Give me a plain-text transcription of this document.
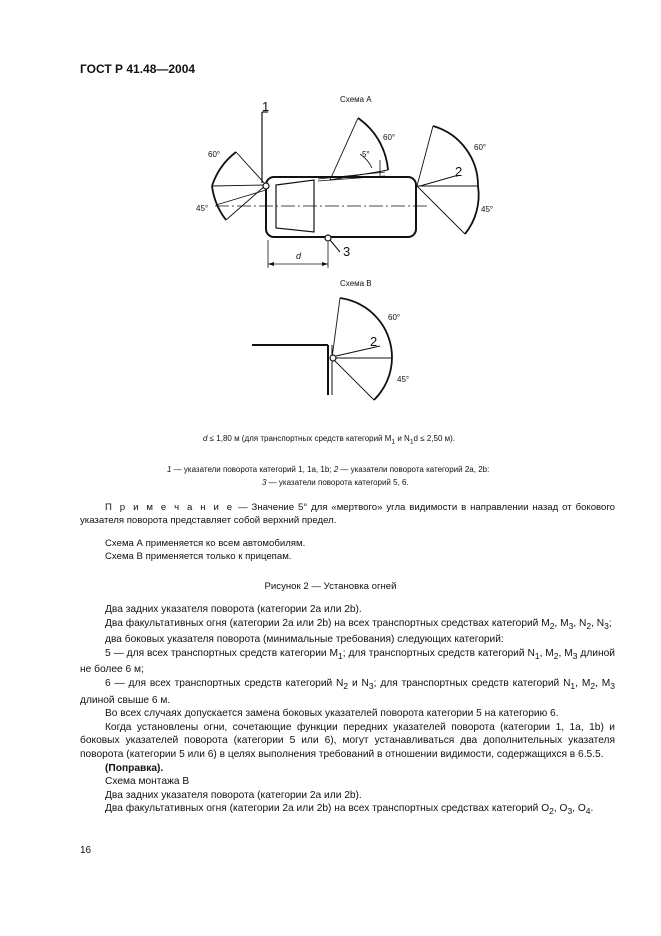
ГОСТ Р 41.48—2004
Схема А
1
60°
45°
60°
5°
60°
2
45°
3
d
Схема В
60°
2
45°
d ≤ 1,80 м (для транспортных средств категорий $М_1$ и $N_1d \le 2,50$ м).
1 — указатели поворота категорий 1, 1а, 1b; 2 — указатели поворота категорий 2а, 2b:
3 — указатели поворота категорий 5, 6.

П р и м е ч а н и е — Значение 5° для «мертвого» угла видимости в направлении назад от бокового указателя поворота представляет собой верхний предел.

Схема А применяется ко всем автомобилям.

Схема В применяется только к прицепам.

Рисунок 2 — Установка огней

Два задних указателя поворота (категории 2а или 2b).

Два факультативных огня (категории 2а или 2b) на всех транспортных средствах категорий $М_2$, $М_3$, $N_2$, $N_3$;

два боковых указателя поворота (минимальные требования) следующих категорий:

5 — для всех транспортных средств категории $М_1$; для транспортных средств категорий $N_1$, $М_2$, $М_3$ длиной не более 6 м;

6 — для всех транспортных средств категорий $N_2$ и $N_3$; для транспортных средств категорий $N_1$, $М_2$, $М_3$ длиной свыше 6 м.

Во всех случаях допускается замена боковых указателей поворота категории 5 на категорию 6.

Когда установлены огни, сочетающие функции передних указателей поворота (категории 1, 1а, 1b) и боковых указателей поворота (категории 5 или 6), могут устанавливаться два дополнительных указателя поворота (категории 5 или 6) в целях выполнения требований в отношении видимости, содержащихся в 6.5.5.

(Поправка).

Схема монтажа В

Два задних указателя поворота (категории 2а или 2b).

Два факультативных огня (категории 2а или 2b) на всех транспортных средствах категорий $О_2$, $О_3$, $О_4$.

16
